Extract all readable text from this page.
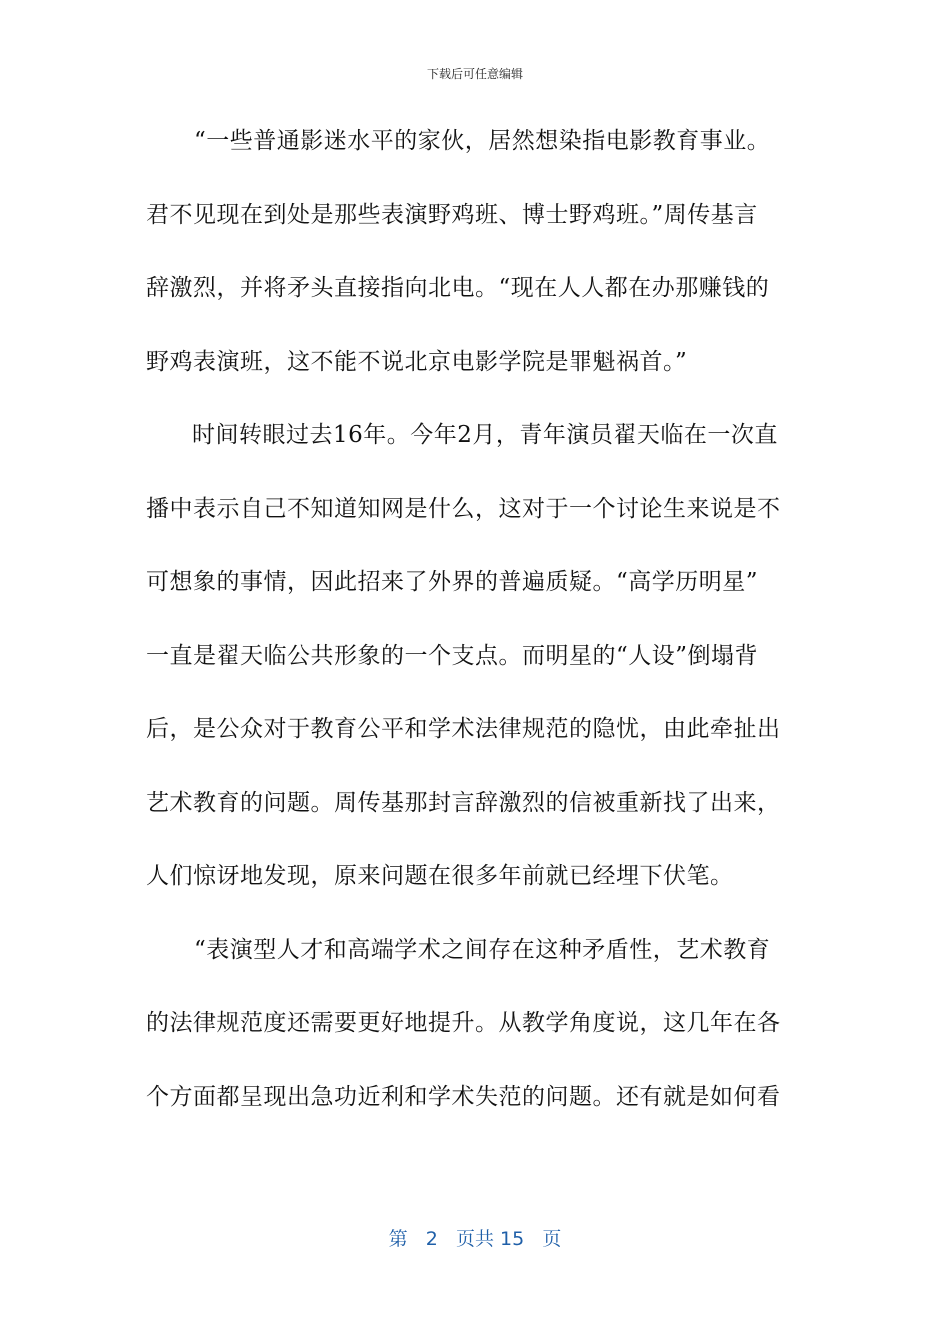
下载后可任意编辑
“一些普通影迷水平的家伙，居然想染指电影教育事业。
君不见现在到处是那些表演野鸡班、博士野鸡班。”周传基言
辞激烈，并将矛头直接指向北电。“现在人人都在办那赚钱的
野鸡表演班，这不能不说北京电影学院是罪魁祸首。”
时间转眼过去16年。今年2月，青年演员翟天临在一次直
播中表示自己不知道知网是什么，这对于一个讨论生来说是不
可想象的事情，因此招来了外界的普遍质疑。“高学历明星”
一直是翟天临公共形象的一个支点。而明星的“人设”倒塌背
后，是公众对于教育公平和学术法律规范的隐忧，由此牵扯出
艺术教育的问题。周传基那封言辞激烈的信被重新找了出来，
人们惊讶地发现，原来问题在很多年前就已经埋下伏笔。
“表演型人才和高端学术之间存在这种矛盾性，艺术教育
的法律规范度还需要更好地提升。从教学角度说，这几年在各
个方面都呈现出急功近利和学术失范的问题。还有就是如何看
第 2 页共 15 页
